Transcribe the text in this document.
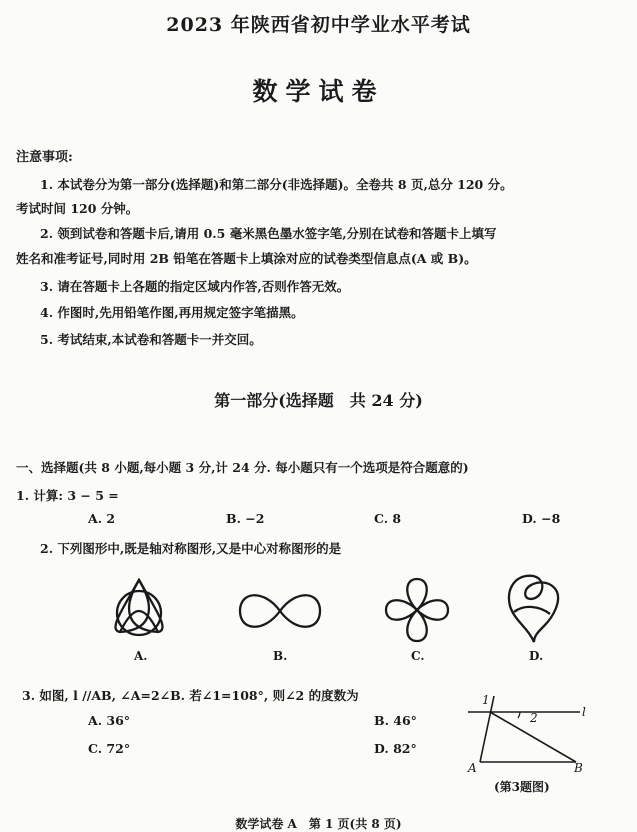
2023 年陕西省初中学业水平考试
数学试卷
注意事项:
1. 本试卷分为第一部分(选择题)和第二部分(非选择题)。全卷共 8 页,总分 120 分。
考试时间 120 分钟。
2. 领到试卷和答题卡后,请用 0.5 毫米黑色墨水签字笔,分别在试卷和答题卡上填写
姓名和准考证号,同时用 2B 铅笔在答题卡上填涂对应的试卷类型信息点(A 或 B)。
3. 请在答题卡上各题的指定区域内作答,否则作答无效。
4. 作图时,先用铅笔作图,再用规定签字笔描黑。
5. 考试结束,本试卷和答题卡一并交回。
第一部分(选择题　共 24 分)
一、选择题(共 8 小题,每小题 3 分,计 24 分. 每小题只有一个选项是符合题意的)
1. 计算: 3 − 5 =
A. 2	B. −2	C. 8	D. −8
2. 下列图形中,既是轴对称图形,又是中心对称图形的是
A.	B.	C.	D.
3. 如图, l //AB, ∠A=2∠B. 若∠1=108°, 则∠2 的度数为
A. 36°	B. 46°
C. 72°	D. 82°
1
2	l
A	B
(第3题图)
数学试卷 A　第 1 页(共 8 页)
